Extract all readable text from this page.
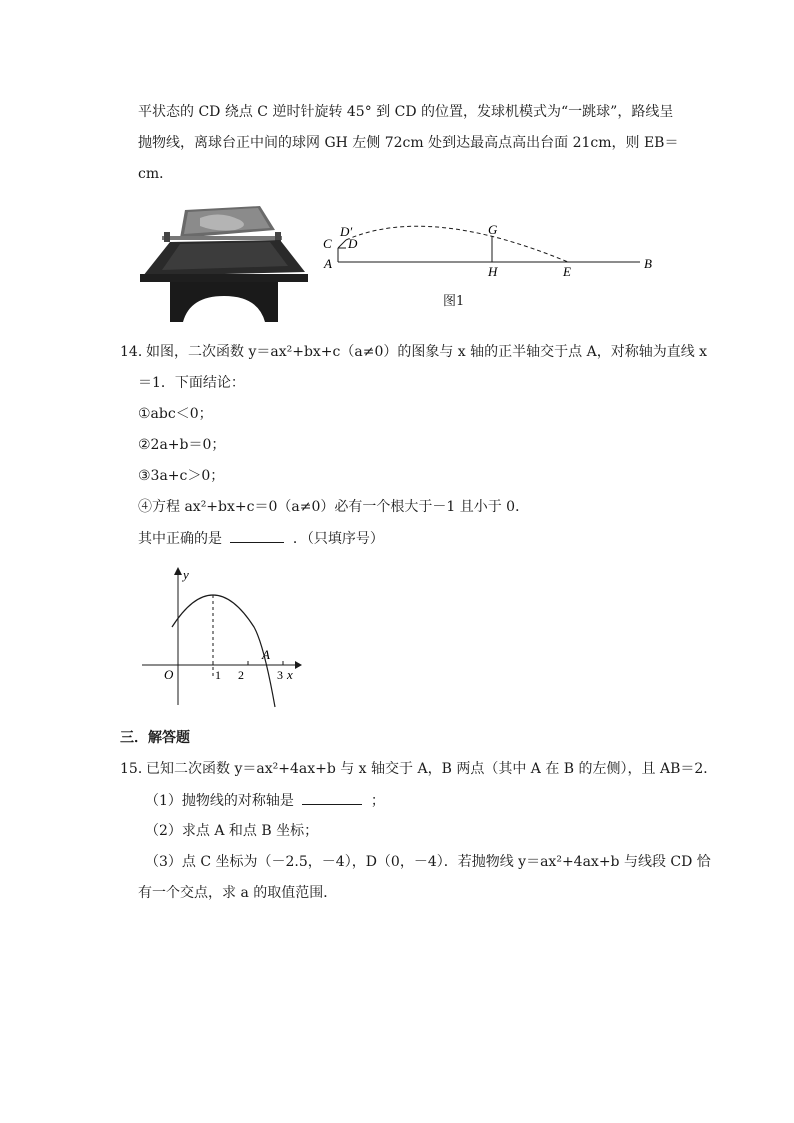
平状态的 CD 绕点 C 逆时针旋转 45° 到 CD 的位置，发球机模式为“一跳球”，路线呈
抛物线，离球台正中间的球网 GH 左侧 72cm 处到达最高点高出台面 21cm，则 EB＝
cm．
D′
D
C
A
G
H	E
B
图1
14．
如图，二次函数 y＝ax²+bx+c（a≠0）的图象与 x 轴的正半轴交于点 A，对称轴为直线 x
＝1．下面结论：
①abc＜0；
②2a+b＝0；
③3a+c＞0；
④方程 ax²+bx+c＝0（a≠0）必有一个根大于－1 且小于 0．
其中正确的是	．（只填序号）
y
x
O	1 2	3
A
三．解答题
15．
已知二次函数 y＝ax²+4ax+b 与 x 轴交于 A，B 两点（其中 A 在 B 的左侧），且 AB＝2．
（1）抛物线的对称轴是	；
（2）求点 A 和点 B 坐标；
（3）点 C 坐标为（－2.5，－4），D（0，－4）．若抛物线 y＝ax²+4ax+b 与线段 CD 恰
有一个交点，求 a 的取值范围．
